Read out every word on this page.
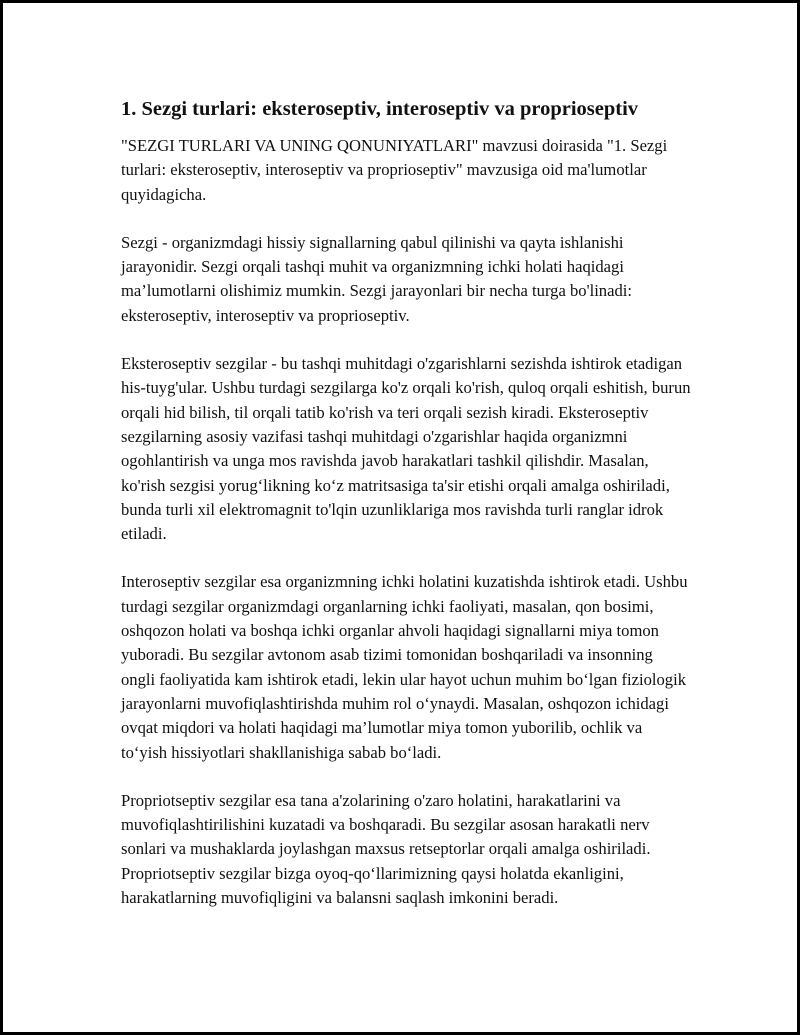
1. Sezgi turlari: eksteroseptiv, interoseptiv va proprioseptiv

"SEZGI TURLARI VA UNING QONUNIYATLARI" mavzusi doirasida "1. Sezgi turlari: eksteroseptiv, interoseptiv va proprioseptiv" mavzusiga oid ma'lumotlar quyidagicha.

Sezgi - organizmdagi hissiy signallarning qabul qilinishi va qayta ishlanishi jarayonidir. Sezgi orqali tashqi muhit va organizmning ichki holati haqidagi ma’lumotlarni olishimiz mumkin. Sezgi jarayonlari bir necha turga bo'linadi: eksteroseptiv, interoseptiv va proprioseptiv.

Eksteroseptiv sezgilar - bu tashqi muhitdagi o'zgarishlarni sezishda ishtirok etadigan his-tuyg'ular. Ushbu turdagi sezgilarga ko'z orqali ko'rish, quloq orqali eshitish, burun orqali hid bilish, til orqali tatib ko'rish va teri orqali sezish kiradi. Eksteroseptiv sezgilarning asosiy vazifasi tashqi muhitdagi o'zgarishlar haqida organizmni ogohlantirish va unga mos ravishda javob harakatlari tashkil qilishdir. Masalan, ko'rish sezgisi yorug‘likning ko‘z matritsasiga ta'sir etishi orqali amalga oshiriladi, bunda turli xil elektromagnit to'lqin uzunliklariga mos ravishda turli ranglar idrok etiladi.

Interoseptiv sezgilar esa organizmning ichki holatini kuzatishda ishtirok etadi. Ushbu turdagi sezgilar organizmdagi organlarning ichki faoliyati, masalan, qon bosimi, oshqozon holati va boshqa ichki organlar ahvoli haqidagi signallarni miya tomon yuboradi. Bu sezgilar avtonom asab tizimi tomonidan boshqariladi va insonning ongli faoliyatida kam ishtirok etadi, lekin ular hayot uchun muhim bo‘lgan fiziologik jarayonlarni muvofiqlashtirishda muhim rol o‘ynaydi. Masalan, oshqozon ichidagi ovqat miqdori va holati haqidagi ma’lumotlar miya tomon yuborilib, ochlik va to‘yish hissiyotlari shakllanishiga sabab bo‘ladi.

Propriotseptiv sezgilar esa tana a'zolarining o'zaro holatini, harakatlarini va muvofiqlashtirilishini kuzatadi va boshqaradi. Bu sezgilar asosan harakatli nerv sonlari va mushaklarda joylashgan maxsus retseptorlar orqali amalga oshiriladi. Propriotseptiv sezgilar bizga oyoq-qo‘llarimizning qaysi holatda ekanligini, harakatlarning muvofiqligini va balansni saqlash imkonini beradi.
